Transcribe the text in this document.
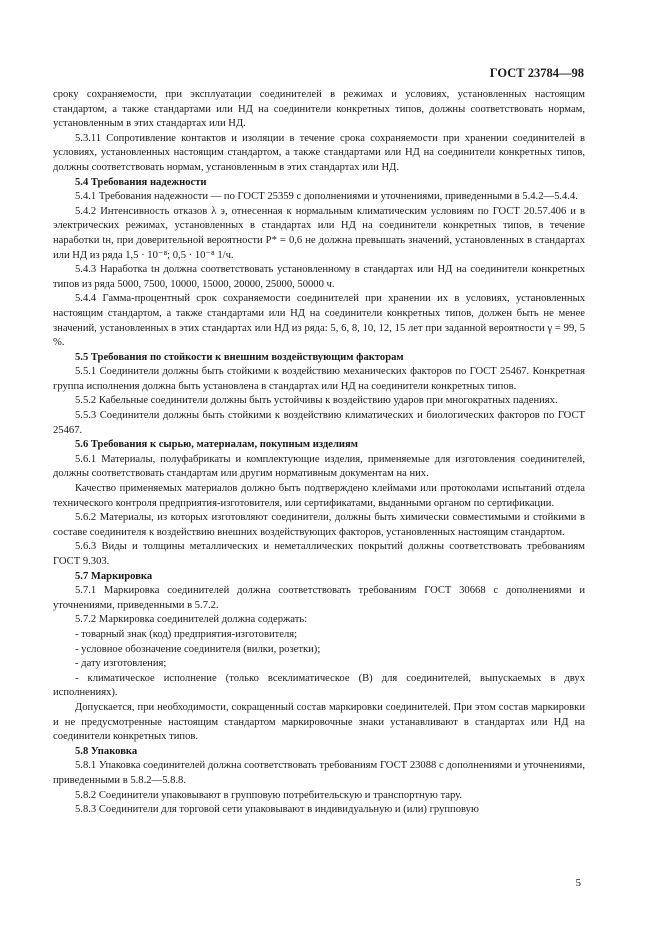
ГОСТ 23784—98

сроку сохраняемости, при эксплуатации соединителей в режимах и условиях, установленных настоящим стандартом, а также стандартами или НД на соединители конкретных типов, должны соответствовать нормам, установленным в этих стандартах или НД.

5.3.11 Сопротивление контактов и изоляции в течение срока сохраняемости при хранении соединителей в условиях, установленных настоящим стандартом, а также стандартами или НД на соединители конкретных типов, должны соответствовать нормам, установленным в этих стандартах или НД.

5.4 Требования надежности

5.4.1 Требования надежности — по ГОСТ 25359 с дополнениями и уточнениями, приведенными в 5.4.2—5.4.4.

5.4.2 Интенсивность отказов λ э, отнесенная к нормальным климатическим условиям по ГОСТ 20.57.406 и в электрических режимах, установленных в стандартах или НД на соединители конкретных типов, в течение наработки tн, при доверительной вероятности P* = 0,6 не должна превышать значений, установленных в стандартах или НД из ряда 1,5 · 10⁻⁸; 0,5 · 10⁻⁸ 1/ч.

5.4.3 Наработка tн должна соответствовать установленному в стандартах или НД на соединители конкретных типов из ряда 5000, 7500, 10000, 15000, 20000, 25000, 50000 ч.

5.4.4 Гамма-процентный срок сохраняемости соединителей при хранении их в условиях, установленных настоящим стандартом, а также стандартами или НД на соединители конкретных типов, должен быть не менее значений, установленных в этих стандартах или НД из ряда: 5, 6, 8, 10, 12, 15 лет при заданной вероятности γ = 99, 5 %.

5.5 Требования по стойкости к внешним воздействующим факторам

5.5.1 Соединители должны быть стойкими к воздействию механических факторов по ГОСТ 25467. Конкретная группа исполнения должна быть установлена в стандартах или НД на соединители конкретных типов.

5.5.2 Кабельные соединители должны быть устойчивы к воздействию ударов при многократных падениях.

5.5.3 Соединители должны быть стойкими к воздействию климатических и биологических факторов по ГОСТ 25467.

5.6 Требования к сырью, материалам, покупным изделиям

5.6.1 Материалы, полуфабрикаты и комплектующие изделия, применяемые для изготовления соединителей, должны соответствовать стандартам или другим нормативным документам на них.

Качество применяемых материалов должно быть подтверждено клеймами или протоколами испытаний отдела технического контроля предприятия-изготовителя, или сертификатами, выданными органом по сертификации.

5.6.2 Материалы, из которых изготовляют соединители, должны быть химически совместимыми и стойкими в составе соединителя к воздействию внешних воздействующих факторов, установленных настоящим стандартом.

5.6.3 Виды и толщины металлических и неметаллических покрытий должны соответствовать требованиям ГОСТ 9.303.

5.7 Маркировка

5.7.1 Маркировка соединителей должна соответствовать требованиям ГОСТ 30668 с дополнениями и уточнениями, приведенными в 5.7.2.

5.7.2 Маркировка соединителей должна содержать:

- товарный знак (код) предприятия-изготовителя;

- условное обозначение соединителя (вилки, розетки);

- дату изготовления;

- климатическое исполнение (только всеклиматическое (В) для соединителей, выпускаемых в двух исполнениях).

Допускается, при необходимости, сокращенный состав маркировки соединителей. При этом состав маркировки и не предусмотренные настоящим стандартом маркировочные знаки устанавливают в стандартах или НД на соединители конкретных типов.

5.8 Упаковка

5.8.1 Упаковка соединителей должна соответствовать требованиям ГОСТ 23088 с дополнениями и уточнениями, приведенными в 5.8.2—5.8.8.

5.8.2 Соединители упаковывают в групповую потребительскую и транспортную тару.

5.8.3 Соединители для торговой сети упаковывают в индивидуальную и (или) групповую

5
